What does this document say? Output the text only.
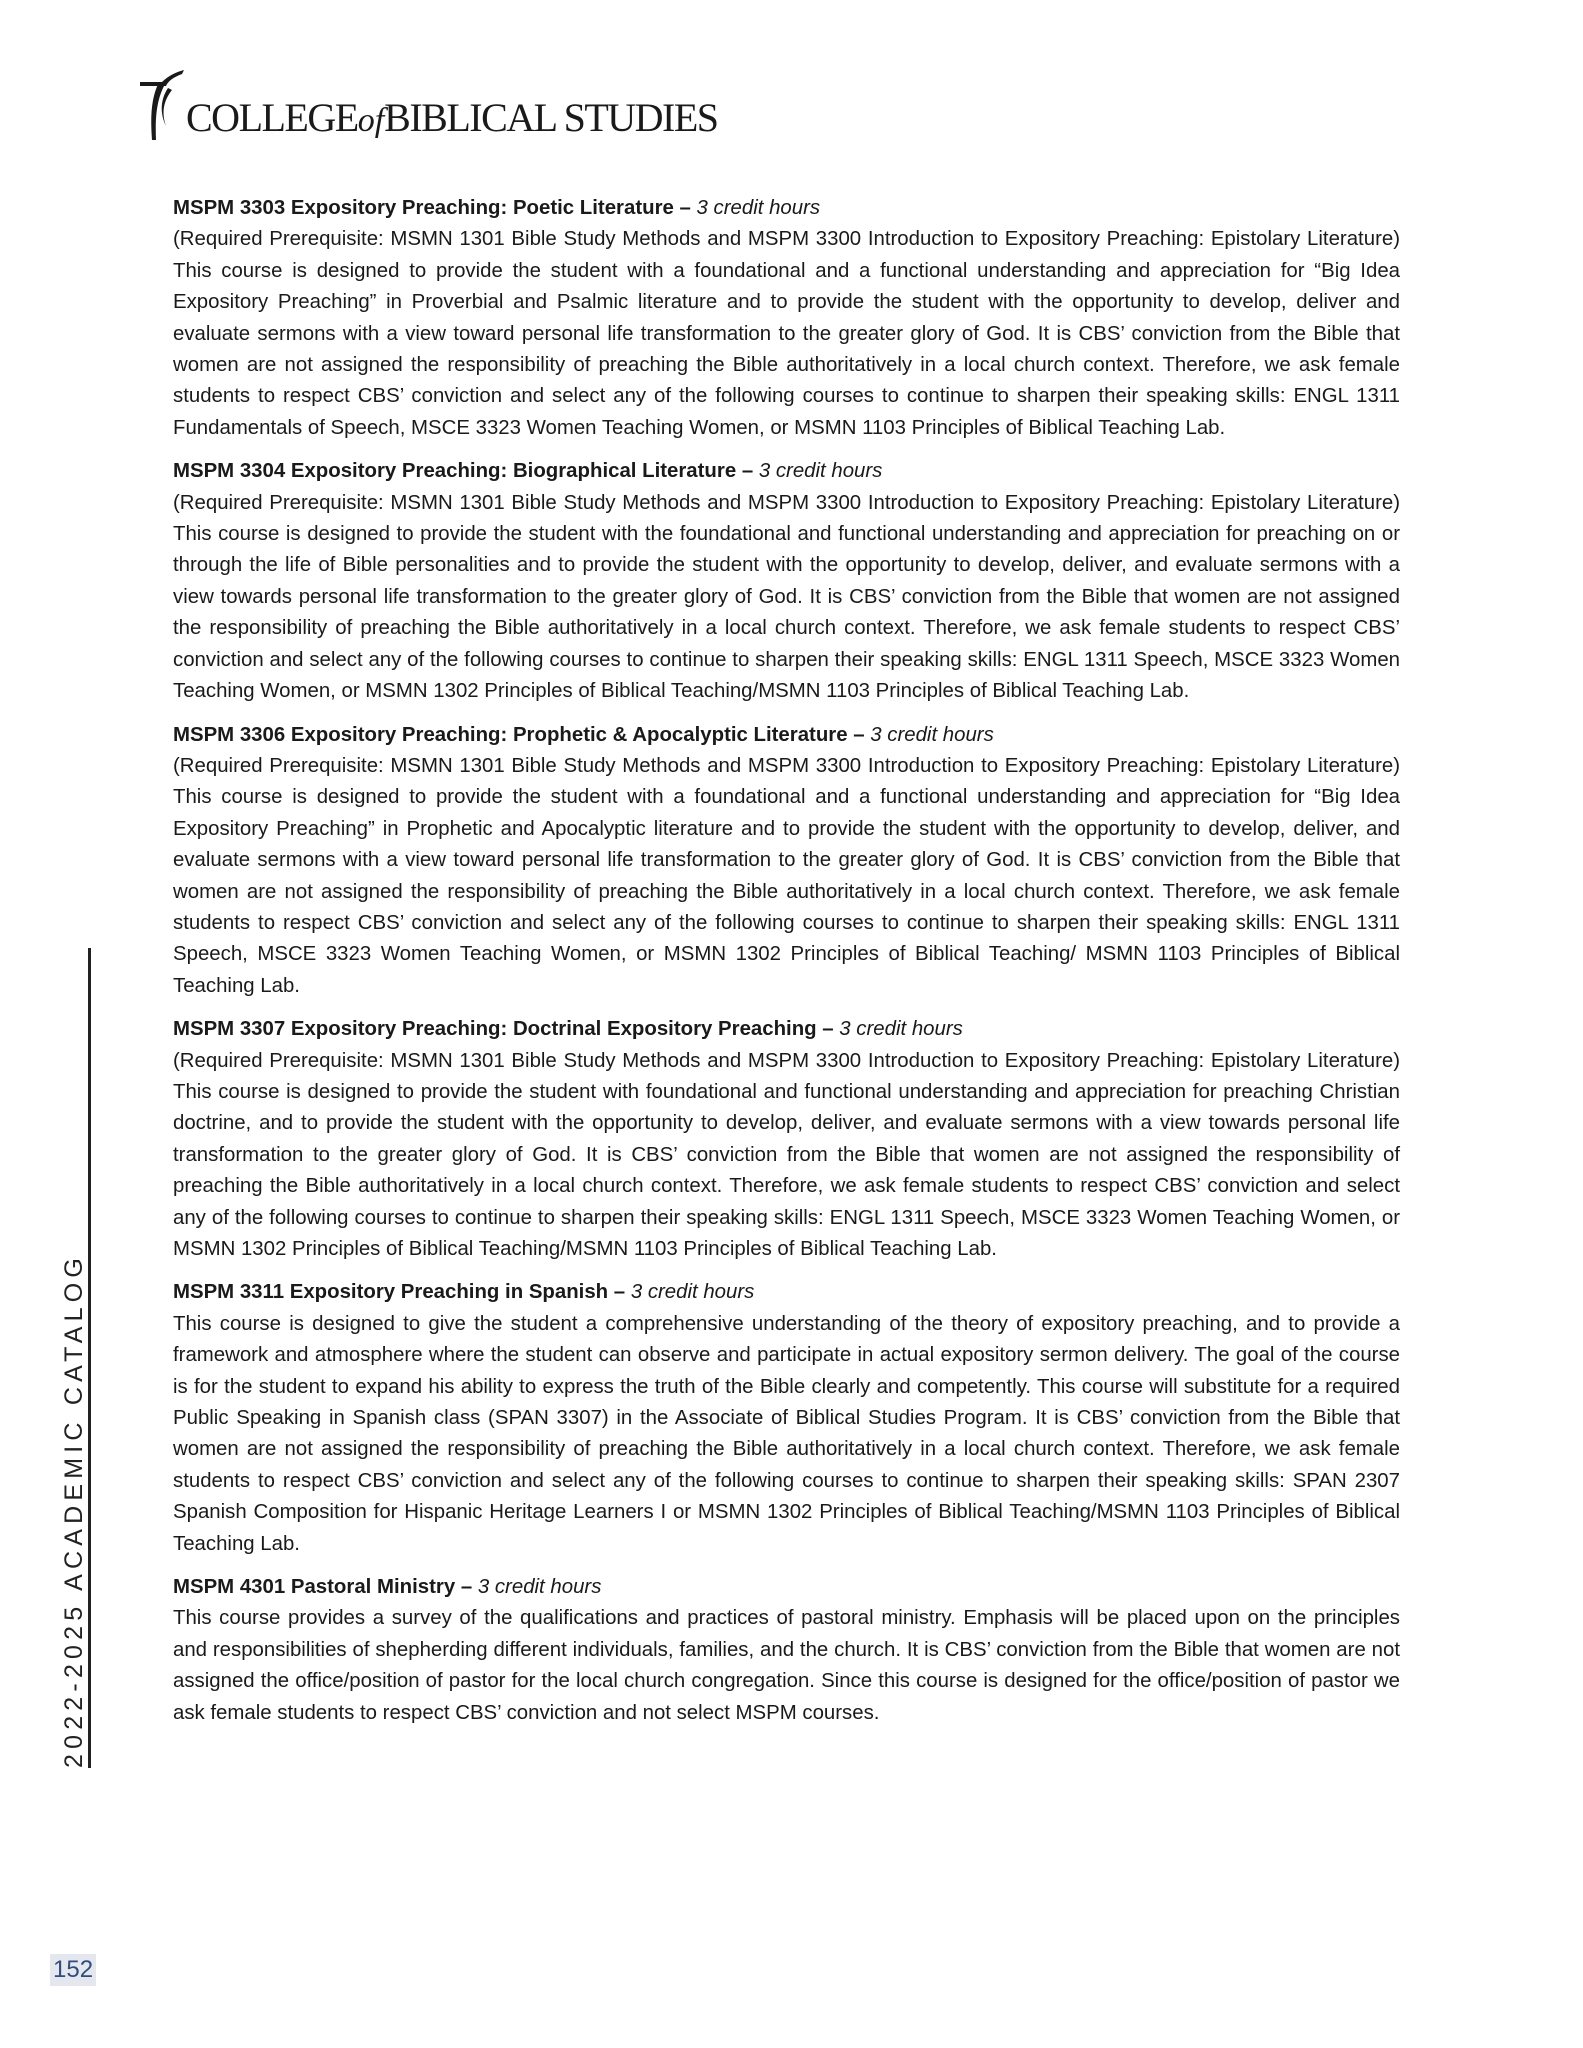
COLLEGEofBIBLICAL STUDIES
MSPM 3303 Expository Preaching: Poetic Literature – 3 credit hours
(Required Prerequisite: MSMN 1301 Bible Study Methods and MSPM 3300 Introduction to Expository Preaching: Epistolary Literature) This course is designed to provide the student with a foundational and a functional understanding and appreciation for “Big Idea Expository Preaching” in Proverbial and Psalmic literature and to provide the student with the opportunity to develop, deliver and evaluate sermons with a view toward personal life transformation to the greater glory of God. It is CBS’ conviction from the Bible that women are not assigned the responsibility of preaching the Bible authoritatively in a local church context. Therefore, we ask female students to respect CBS’ conviction and select any of the following courses to continue to sharpen their speaking skills: ENGL 1311 Fundamentals of Speech, MSCE 3323 Women Teaching Women, or MSMN 1103 Principles of Biblical Teaching Lab.
MSPM 3304 Expository Preaching: Biographical Literature – 3 credit hours
(Required Prerequisite: MSMN 1301 Bible Study Methods and MSPM 3300 Introduction to Expository Preaching: Epistolary Literature) This course is designed to provide the student with the foundational and functional understanding and appreciation for preaching on or through the life of Bible personalities and to provide the student with the opportunity to develop, deliver, and evaluate sermons with a view towards personal life transformation to the greater glory of God. It is CBS’ conviction from the Bible that women are not assigned the responsibility of preaching the Bible authoritatively in a local church context. Therefore, we ask female students to respect CBS’ conviction and select any of the following courses to continue to sharpen their speaking skills: ENGL 1311 Speech, MSCE 3323 Women Teaching Women, or MSMN 1302 Principles of Biblical Teaching/MSMN 1103 Principles of Biblical Teaching Lab.
MSPM 3306 Expository Preaching: Prophetic & Apocalyptic Literature – 3 credit hours
(Required Prerequisite: MSMN 1301 Bible Study Methods and MSPM 3300 Introduction to Expository Preaching: Epistolary Literature) This course is designed to provide the student with a foundational and a functional understanding and appreciation for “Big Idea Expository Preaching” in Prophetic and Apocalyptic literature and to provide the student with the opportunity to develop, deliver, and evaluate sermons with a view toward personal life transformation to the greater glory of God. It is CBS’ conviction from the Bible that women are not assigned the responsibility of preaching the Bible authoritatively in a local church context. Therefore, we ask female students to respect CBS’ conviction and select any of the following courses to continue to sharpen their speaking skills: ENGL 1311 Speech, MSCE 3323 Women Teaching Women, or MSMN 1302 Principles of Biblical Teaching/ MSMN 1103 Principles of Biblical Teaching Lab.
MSPM 3307 Expository Preaching: Doctrinal Expository Preaching – 3 credit hours
(Required Prerequisite: MSMN 1301 Bible Study Methods and MSPM 3300 Introduction to Expository Preaching: Epistolary Literature) This course is designed to provide the student with foundational and functional understanding and appreciation for preaching Christian doctrine, and to provide the student with the opportunity to develop, deliver, and evaluate sermons with a view towards personal life transformation to the greater glory of God. It is CBS’ conviction from the Bible that women are not assigned the responsibility of preaching the Bible authoritatively in a local church context. Therefore, we ask female students to respect CBS’ conviction and select any of the following courses to continue to sharpen their speaking skills: ENGL 1311 Speech, MSCE 3323 Women Teaching Women, or MSMN 1302 Principles of Biblical Teaching/MSMN 1103 Principles of Biblical Teaching Lab.
MSPM 3311 Expository Preaching in Spanish – 3 credit hours
This course is designed to give the student a comprehensive understanding of the theory of expository preaching, and to provide a framework and atmosphere where the student can observe and participate in actual expository sermon delivery. The goal of the course is for the student to expand his ability to express the truth of the Bible clearly and competently. This course will substitute for a required Public Speaking in Spanish class (SPAN 3307) in the Associate of Biblical Studies Program. It is CBS’ conviction from the Bible that women are not assigned the responsibility of preaching the Bible authoritatively in a local church context. Therefore, we ask female students to respect CBS’ conviction and select any of the following courses to continue to sharpen their speaking skills: SPAN 2307 Spanish Composition for Hispanic Heritage Learners I or MSMN 1302 Principles of Biblical Teaching/MSMN 1103 Principles of Biblical Teaching Lab.
MSPM 4301 Pastoral Ministry – 3 credit hours
This course provides a survey of the qualifications and practices of pastoral ministry. Emphasis will be placed upon on the principles and responsibilities of shepherding different individuals, families, and the church. It is CBS’ conviction from the Bible that women are not assigned the office/position of pastor for the local church congregation. Since this course is designed for the office/position of pastor we ask female students to respect CBS’ conviction and not select MSPM courses.
2022-2025 ACADEMIC CATALOG
152
